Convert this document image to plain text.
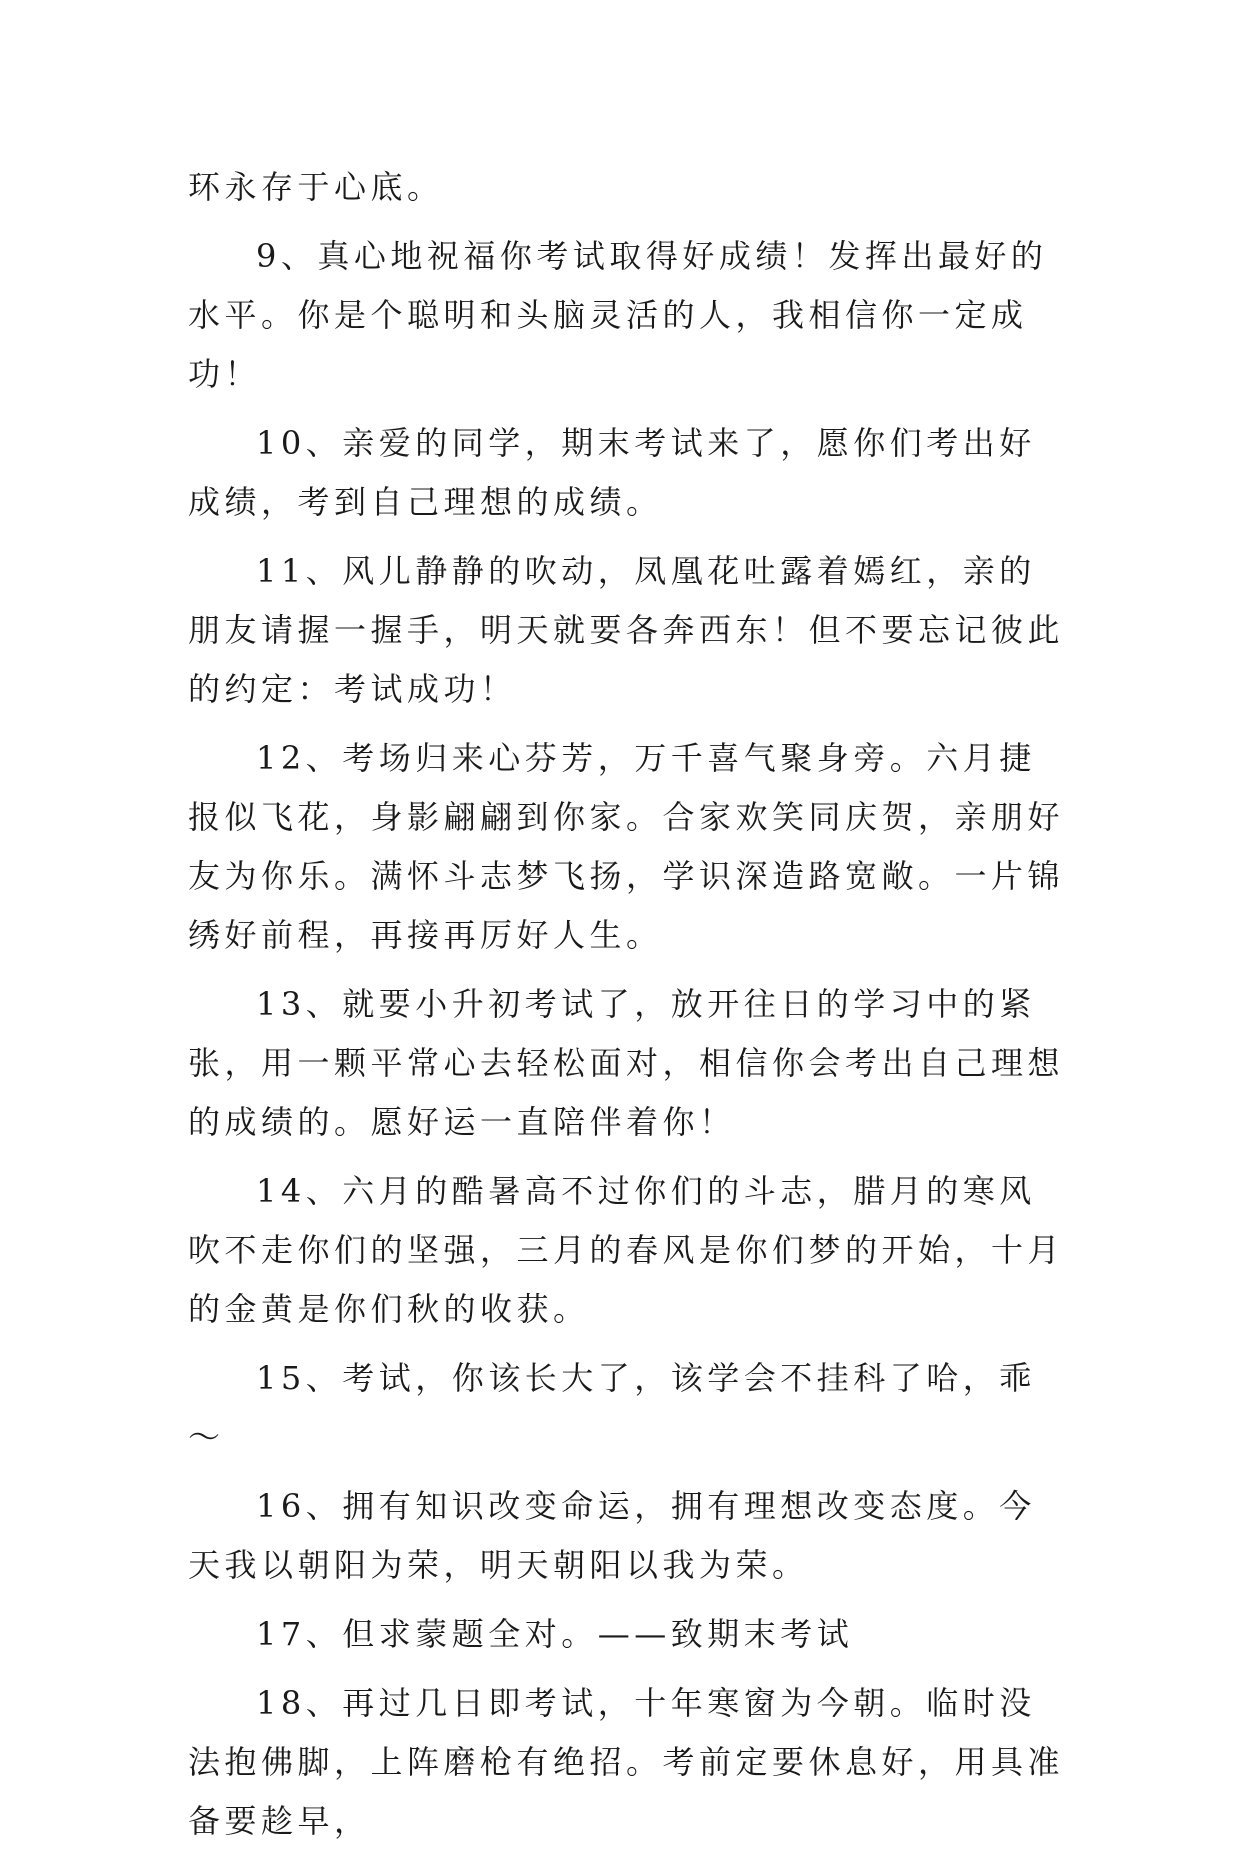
环永存于心底。

9、真心地祝福你考试取得好成绩！发挥出最好的水平。你是个聪明和头脑灵活的人，我相信你一定成功！

10、亲爱的同学，期末考试来了，愿你们考出好成绩，考到自己理想的成绩。

11、风儿静静的吹动，凤凰花吐露着嫣红，亲的朋友请握一握手，明天就要各奔西东！但不要忘记彼此的约定：考试成功！

12、考场归来心芬芳，万千喜气聚身旁。六月捷报似飞花，身影翩翩到你家。合家欢笑同庆贺，亲朋好友为你乐。满怀斗志梦飞扬，学识深造路宽敞。一片锦绣好前程，再接再厉好人生。

13、就要小升初考试了，放开往日的学习中的紧张，用一颗平常心去轻松面对，相信你会考出自己理想的成绩的。愿好运一直陪伴着你！

14、六月的酷暑高不过你们的斗志，腊月的寒风吹不走你们的坚强，三月的春风是你们梦的开始，十月的金黄是你们秋的收获。

15、考试，你该长大了，该学会不挂科了哈，乖～

16、拥有知识改变命运，拥有理想改变态度。今天我以朝阳为荣，明天朝阳以我为荣。

17、但求蒙题全对。——致期末考试

18、再过几日即考试，十年寒窗为今朝。临时没法抱佛脚，上阵磨枪有绝招。考前定要休息好，用具准备要趁早，
